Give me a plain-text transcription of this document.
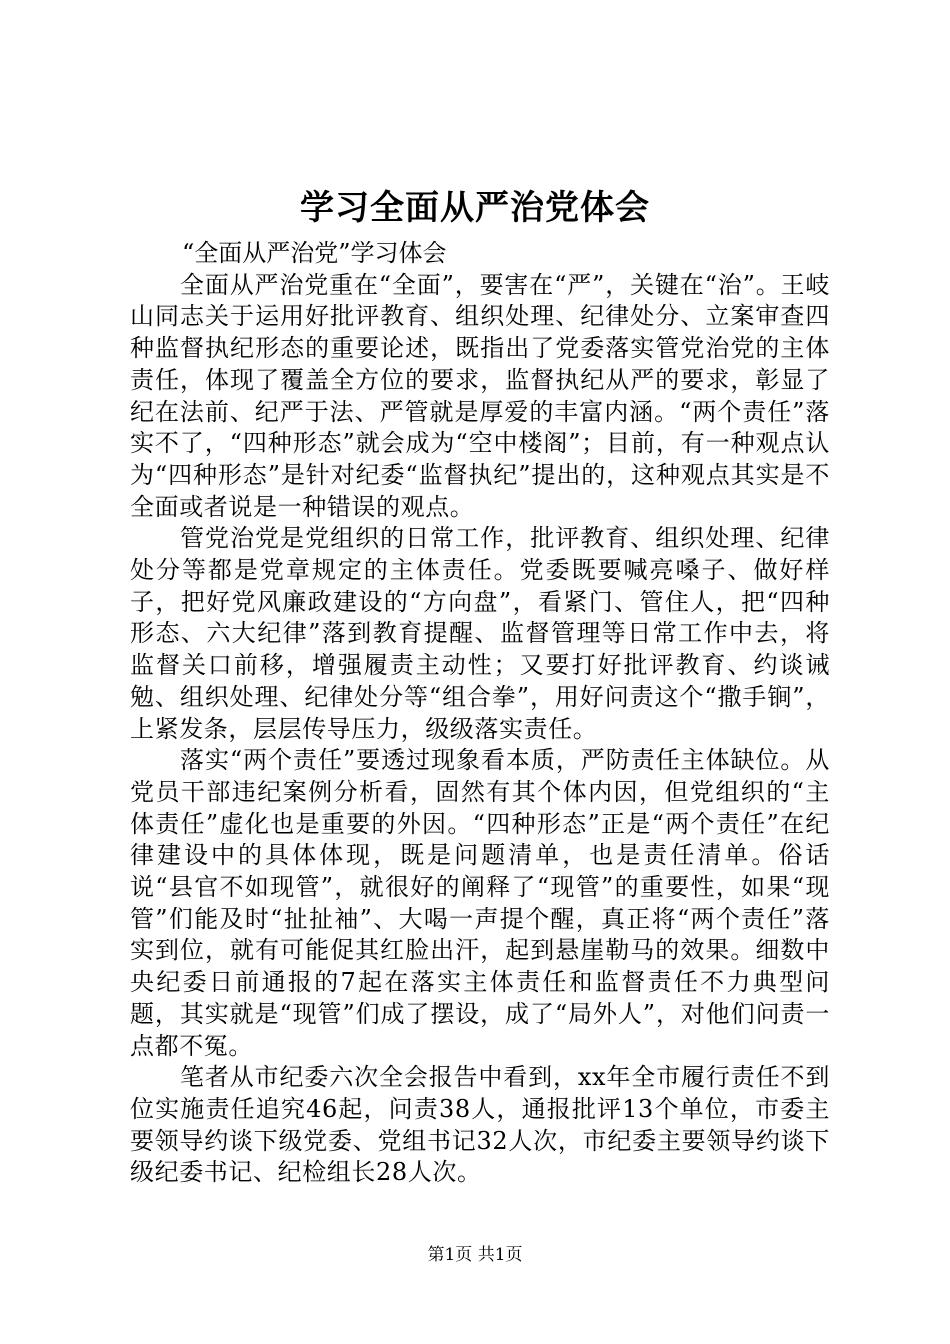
学习全面从严治党体会

“全面从严治党”学习体会

全面从严治党重在“全面”，要害在“严”，关键在“治”。王岐山同志关于运用好批评教育、组织处理、纪律处分、立案审查四种监督执纪形态的重要论述，既指出了党委落实管党治党的主体责任，体现了覆盖全方位的要求，监督执纪从严的要求，彰显了纪在法前、纪严于法、严管就是厚爱的丰富内涵。“两个责任”落实不了，“四种形态”就会成为“空中楼阁”；目前，有一种观点认为“四种形态”是针对纪委“监督执纪”提出的，这种观点其实是不全面或者说是一种错误的观点。

管党治党是党组织的日常工作，批评教育、组织处理、纪律处分等都是党章规定的主体责任。党委既要喊亮嗓子、做好样子，把好党风廉政建设的“方向盘”，看紧门、管住人，把“四种形态、六大纪律”落到教育提醒、监督管理等日常工作中去，将监督关口前移，增强履责主动性；又要打好批评教育、约谈诫勉、组织处理、纪律处分等“组合拳”，用好问责这个“撒手锏”，上紧发条，层层传导压力，级级落实责任。

落实“两个责任”要透过现象看本质，严防责任主体缺位。从党员干部违纪案例分析看，固然有其个体内因，但党组织的“主体责任”虚化也是重要的外因。“四种形态”正是“两个责任”在纪律建设中的具体体现，既是问题清单，也是责任清单。俗话说“县官不如现管”，就很好的阐释了“现管”的重要性，如果“现管”们能及时“扯扯袖”、大喝一声提个醒，真正将“两个责任”落实到位，就有可能促其红脸出汗，起到悬崖勒马的效果。细数中央纪委日前通报的7起在落实主体责任和监督责任不力典型问题，其实就是“现管”们成了摆设，成了“局外人”，对他们问责一点都不冤。

笔者从市纪委六次全会报告中看到，xx年全市履行责任不到位实施责任追究46起，问责38人，通报批评13个单位，市委主要领导约谈下级党委、党组书记32人次，市纪委主要领导约谈下级纪委书记、纪检组长28人次。

第1页 共1页
